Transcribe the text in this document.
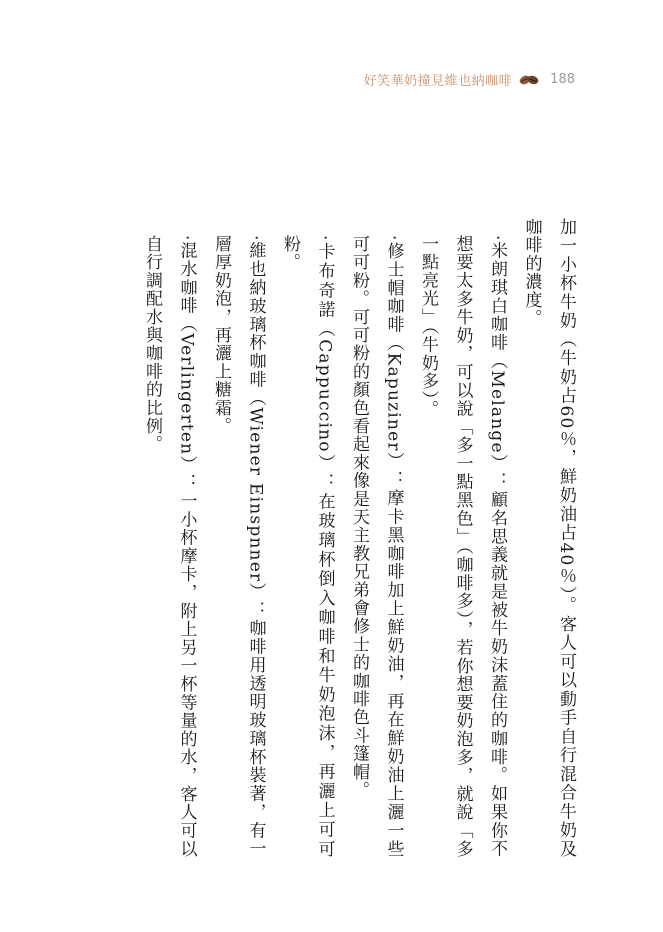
好笑華奶撞見維也納咖啡	188

加一小杯牛奶（牛奶占60％，鮮奶油占40％）。客人可以動手自行混合牛奶及咖啡的濃度。

‧米朗琪白咖啡（Melange）：顧名思義就是被牛奶沫蓋住的咖啡。如果你不想要太多牛奶，可以說「多一點黑色」（咖啡多），若你想要奶泡多，就說「多一點亮光」（牛奶多）。

‧修士帽咖啡（Kapuziner）：摩卡黑咖啡加上鮮奶油，再在鮮奶油上灑一些可可粉。可可粉的顏色看起來像是天主教兄弟會修士的咖啡色斗篷帽。

‧卡布奇諾（Cappuccino）：在玻璃杯倒入咖啡和牛奶泡沫，再灑上可可粉。

‧維也納玻璃杯咖啡（Wiener Einspnner）：咖啡用透明玻璃杯裝著，有一層厚奶泡，再灑上糖霜。

‧混水咖啡（Verlingerten）：一小杯摩卡，附上另一杯等量的水，客人可以自行調配水與咖啡的比例。
